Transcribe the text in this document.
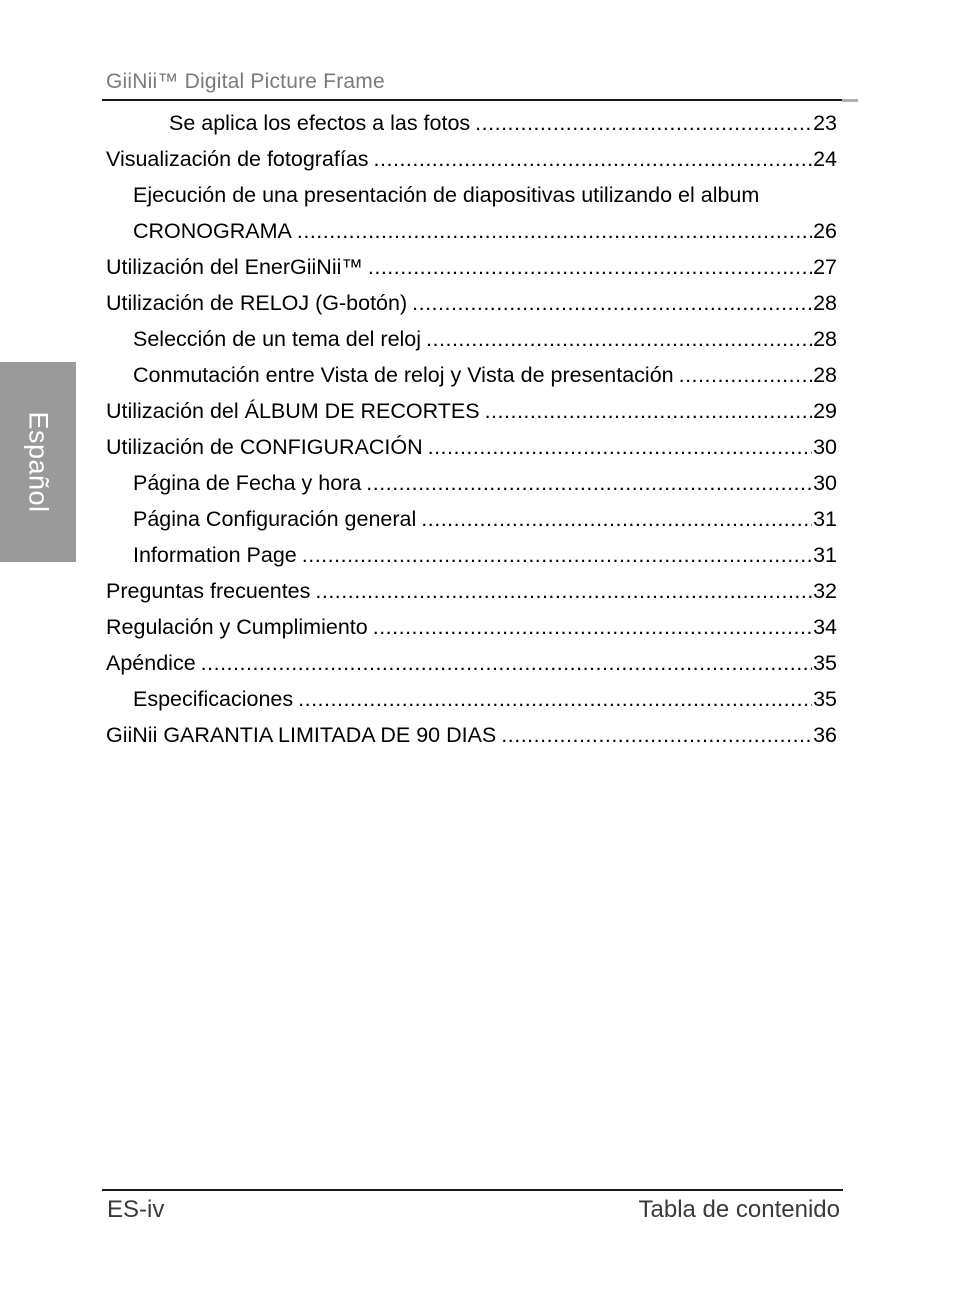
GiiNii™ Digital Picture Frame
Español
Se aplica los efectos a las fotos .....	23
Visualización de fotografías .....	24
Ejecución de una presentación de diapositivas utilizando el album
CRONOGRAMA .....	26
Utilización del EnerGiiNii™ .....	27
Utilización de RELOJ (G-botón) .....	28
Selección de un tema del reloj .....	28
Conmutación entre Vista de reloj y Vista de presentación .....	28
Utilización del ÁLBUM DE RECORTES .....	29
Utilización de CONFIGURACIÓN .....	30
Página de Fecha y hora .....	30
Página Configuración general .....	31
Information Page .....	31
Preguntas frecuentes .....	32
Regulación y Cumplimiento .....	34
Apéndice .....	35
Especificaciones .....	35
GiiNii GARANTIA LIMITADA DE 90 DIAS .....	36
ES-iv	Tabla de contenido
